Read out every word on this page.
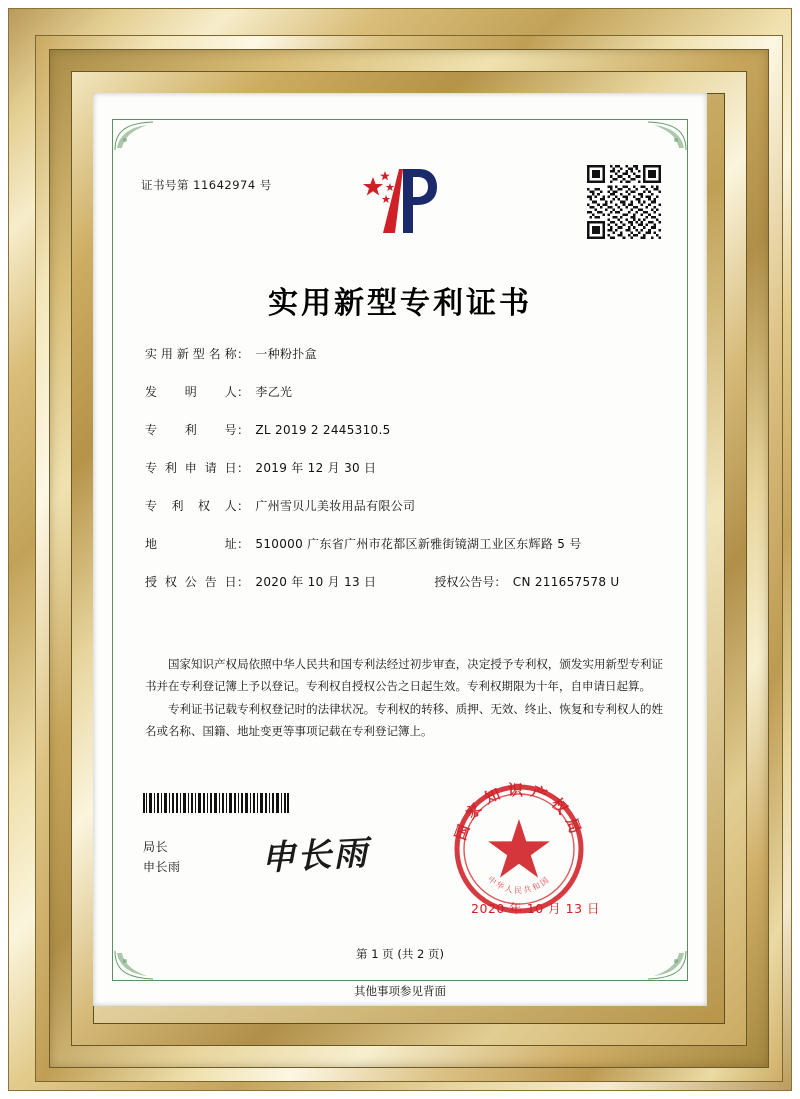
证书号第 11642974 号
实用新型专利证书
实用新型名称 ： 一种粉扑盒
发 明 人 ： 李乙光
专 利 号 ： ZL 2019 2 2445310.5
专利申请日 ： 2019 年 12 月 30 日
专 利 权 人 ： 广州雪贝儿美妆用品有限公司
地　　址 ： 510000 广东省广州市花都区新雅街镜湖工业区东辉路 5 号
授权公告日 ： 2020 年 10 月 13 日	授权公告号 ： CN 211657578 U

国家知识产权局依照中华人民共和国专利法经过初步审查，决定授予专利权，颁发实用新型专利证书并在专利登记簿上予以登记。专利权自授权公告之日起生效。专利权期限为十年，自申请日起算。

专利证书记载专利权登记时的法律状况。专利权的转移、质押、无效、终止、恢复和专利权人的姓名或名称、国籍、地址变更等事项记载在专利登记簿上。

局长
申长雨 申长雨
国家知识产权局
中华人民共和国
2020 年 10 月 13 日
第 1 页 (共 2 页)
其他事项参见背面
